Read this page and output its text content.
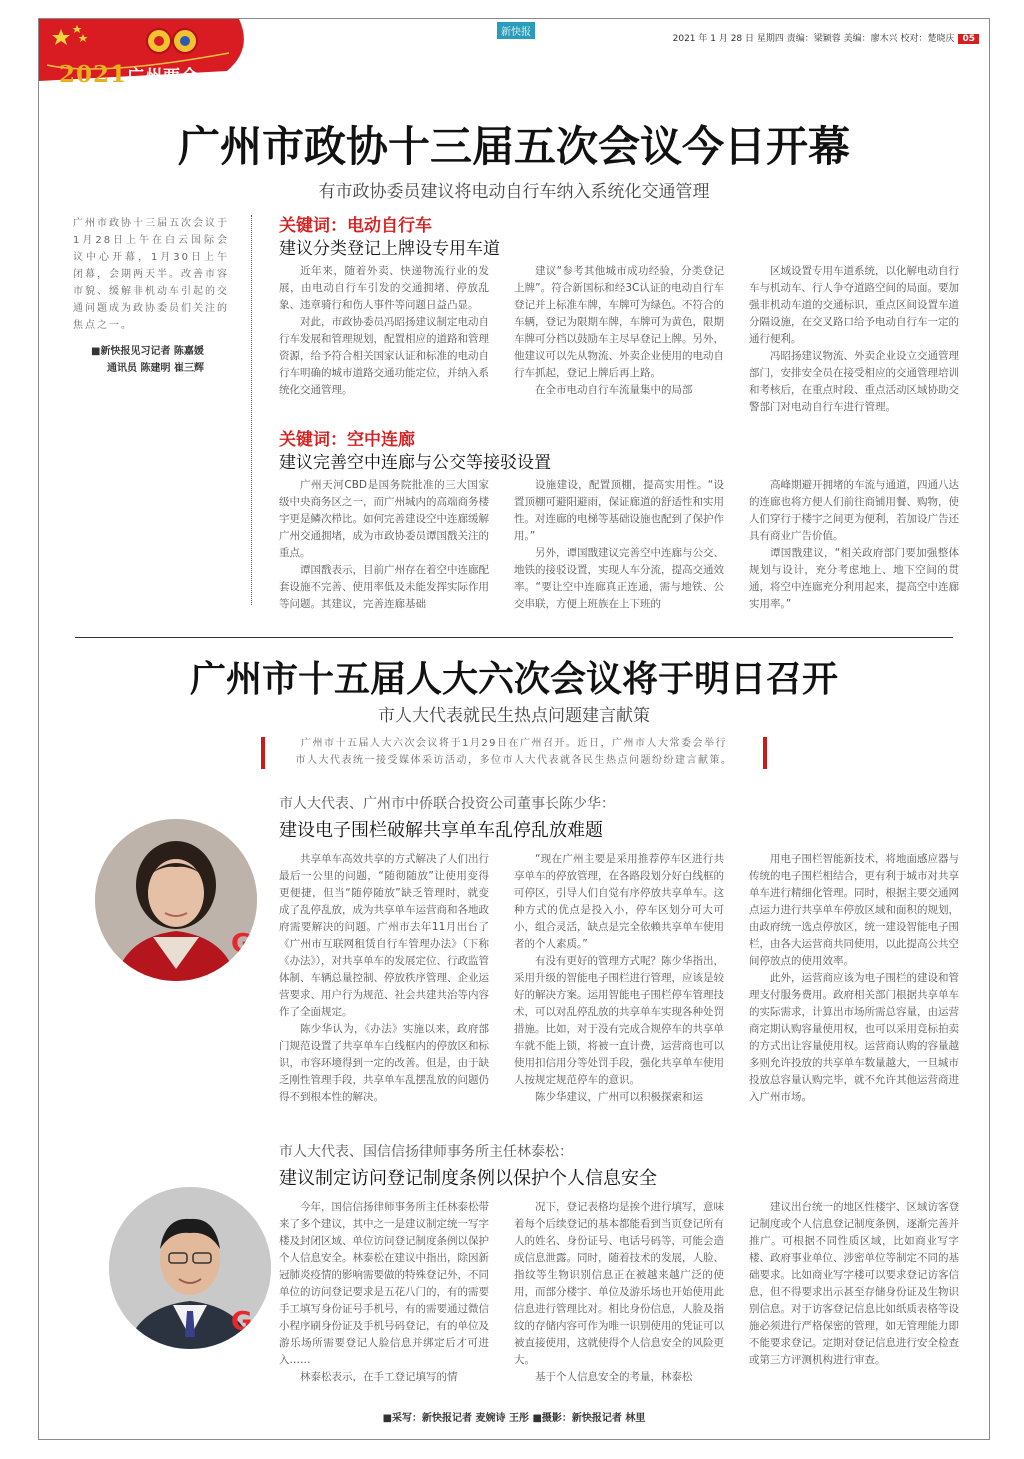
2021广州两会
新快报
2021 年 1 月 28 日 星期四 责编：梁颖蓉 美编：廖木兴 校对：楚晓庆 05
广州市政协十三届五次会议今日开幕
有市政协委员建议将电动自行车纳入系统化交通管理
广州市政协十三届五次会议于1月28日上午在白云国际会议中心开幕，1月30日上午闭幕，会期两天半。改善市容市貌、缓解非机动车引起的交通问题成为政协委员们关注的焦点之一。
■新快报见习记者 陈嘉媛
通讯员 陈建明 崔三辉
关键词：电动自行车
建议分类登记上牌设专用车道

近年来，随着外卖、快递物流行业的发展，由电动自行车引发的交通拥堵、停放乱象、违章骑行和伤人事件等问题日益凸显。

对此，市政协委员冯昭扬建议制定电动自行车发展和管理规划，配置相应的道路和管理资源，给予符合相关国家认证和标准的电动自行车明确的城市道路交通功能定位，并纳入系统化交通管理。

建议“参考其他城市成功经验，分类登记上牌”。符合新国标和经3C认证的电动自行车登记并上标准车牌，车牌可为绿色。不符合的车辆，登记为限期车牌，车牌可为黄色，限期车牌可分档以鼓励车主尽早登记上牌。另外，他建议可以先从物流、外卖企业使用的电动自行车抓起，登记上牌后再上路。

在全市电动自行车流量集中的局部

区域设置专用车道系统，以化解电动自行车与机动车、行人争夺道路空间的局面。要加强非机动车道的交通标识，重点区间设置车道分隔设施，在交叉路口给予电动自行车一定的通行便利。

冯昭扬建议物流、外卖企业设立交通管理部门，安排安全员在接受相应的交通管理培训和考核后，在重点时段、重点活动区域协助交警部门对电动自行车进行管理。

关键词：空中连廊
建议完善空中连廊与公交等接驳设置

广州天河CBD是国务院批准的三大国家级中央商务区之一，而广州城内的高端商务楼宇更是鳞次栉比。如何完善建设空中连廊缓解广州交通拥堵，成为市政协委员谭国戬关注的重点。

谭国戬表示，目前广州存在着空中连廊配套设施不完善、使用率低及未能发挥实际作用等问题。其建议，完善连廊基础

设施建设，配置顶棚，提高实用性。“设置顶棚可避阳避雨，保证廊道的舒适性和实用性。对连廊的电梯等基础设施也配到了保护作用。”

另外，谭国戬建议完善空中连廊与公交、地铁的接驳设置，实现人车分流，提高交通效率。“要让空中连廊真正连通，需与地铁、公交串联，方便上班族在上下班的

高峰期避开拥堵的车流与通道，四通八达的连廊也将方便人们前往商铺用餐、购物，使人们穿行于楼宇之间更为便利，若加设广告还具有商业广告价值。

谭国戬建议，“相关政府部门要加强整体规划与设计，充分考虑地上、地下空间的贯通，将空中连廊充分利用起来，提高空中连廊实用率。”

广州市十五届人大六次会议将于明日召开
市人大代表就民生热点问题建言献策
广州市十五届人大六次会议将于1月29日在广州召开。近日，广州市人大常委会举行
市人大代表统一接受媒体采访活动，多位市人大代表就各民生热点问题纷纷建言献策。
市人大代表、广州市中侨联合投资公司董事长陈少华：
建设电子围栏破解共享单车乱停乱放难题
G

共享单车高效共享的方式解决了人们出行最后一公里的问题，“随彻随放”让使用变得更便捷，但当“随停随放”缺乏管理时，就变成了乱停乱放，成为共享单车运营商和各地政府需要解决的问题。广州市去年11月出台了《广州市互联网租赁自行车管理办法》（下称《办法》），对共享单车的发展定位、行政监管体制、车辆总量控制、停放秩序管理、企业运营要求、用户行为规范、社会共建共治等内容作了全面规定。

陈少华认为，《办法》实施以来，政府部门规范设置了共享单车白线框内的停放区和标识，市容环境得到一定的改善。但是，由于缺乏刚性管理手段，共享单车乱摆乱放的问题仍得不到根本性的解决。

“现在广州主要是采用推荐停车区进行共享单车的停放管理，在各路段划分好白线框的可停区，引导人们自觉有序停放共享单车。这种方式的优点是投入小，停车区划分可大可小，组合灵活，缺点是完全依赖共享单车使用者的个人素质。”

有没有更好的管理方式呢？陈少华指出，采用升级的智能电子围栏进行管理，应该是较好的解决方案。运用智能电子围栏停车管理技术，可以对乱停乱放的共享单车实现各种处罚措施。比如，对于没有完成合规停车的共享单车就不能上锁，将被一直计费，运营商也可以使用扣信用分等处罚手段，强化共享单车使用人按规定规范停车的意识。

陈少华建议，广州可以积极探索和运

用电子围栏智能新技术，将地面感应器与传统的电子围栏相结合，更有利于城市对共享单车进行精细化管理。同时，根据主要交通网点运力进行共享单车停放区域和面积的规划，由政府统一选点停放区，统一建设智能电子围栏，由各大运营商共同使用，以此提高公共空间停放点的使用效率。

此外，运营商应该为电子围栏的建设和管理支付服务费用。政府相关部门根据共享单车的实际需求，计算出市场所需总容量，由运营商定期认购容量使用权，也可以采用竞标拍卖的方式出让容量使用权。运营商认购的容量越多则允许投放的共享单车数量越大，一旦城市投放总容量认购完毕，就不允许其他运营商进入广州市场。

市人大代表、国信信扬律师事务所主任林泰松：
建议制定访问登记制度条例以保护个人信息安全
G

今年，国信信扬律师事务所主任林泰松带来了多个建议，其中之一是建议制定统一写字楼及封闭区域、单位访问登记制度条例以保护个人信息安全。林泰松在建议中指出，除因新冠肺炎疫情的影响需要做的特殊登记外，不同单位的访问登记要求是五花八门的，有的需要手工填写身份证号手机号，有的需要通过微信小程序刷身份证及手机号码登记，有的单位及游乐场所需要登记人脸信息并绑定后才可进入……

林泰松表示，在手工登记填写的情

况下，登记表格均是挨个进行填写，意味着每个后续登记的基本都能看到当页登记所有人的姓名、身份证号、电话号码等，可能会造成信息泄露。同时，随着技术的发展，人脸、指纹等生物识别信息正在被越来越广泛的使用，而部分楼宇、单位及游乐场也开始使用此信息进行管理比对。相比身份信息，人脸及指纹的存储内容可作为唯一识别使用的凭证可以被直接使用，这就使得个人信息安全的风险更大。

基于个人信息安全的考量，林泰松

建议出台统一的地区性楼宇、区域访客登记制度或个人信息登记制度条例，逐渐完善并推广。可根据不同性质区域，比如商业写字楼、政府事业单位、涉密单位等制定不同的基础要求。比如商业写字楼可以要求登记访客信息，但不得要求出示甚至存储身份证及生物识别信息。对于访客登记信息比如纸质表格等设施必须进行严格保密的管理，如无管理能力即不能要求登记。定期对登记信息进行安全检查或第三方评测机构进行审查。

■采写：新快报记者 麦婉诗 王彤 ■摄影：新快报记者 林里
